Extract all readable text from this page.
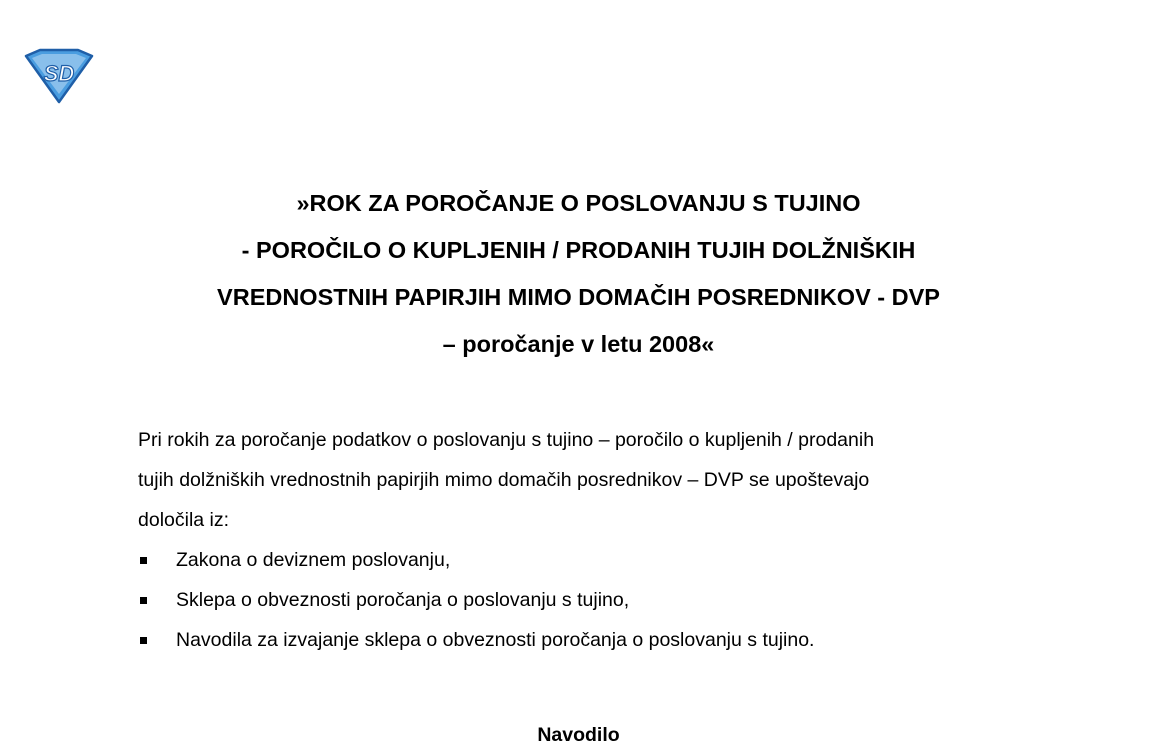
SD
»ROK ZA POROČANJE O POSLOVANJU S TUJINO
- POROČILO O KUPLJENIH / PRODANIH TUJIH DOLŽNIŠKIH
VREDNOSTNIH PAPIRJIH MIMO DOMAČIH POSREDNIKOV - DVP
– poročanje v letu 2008«
Pri rokih za poročanje podatkov o poslovanju s tujino – poročilo o kupljenih / prodanih
tujih dolžniških vrednostnih papirjih mimo domačih posrednikov – DVP se upoštevajo
določila iz:
Zakona o deviznem poslovanju,
Sklepa o obveznosti poročanja o poslovanju s tujino,
Navodila za izvajanje sklepa o obveznosti poročanja o poslovanju s tujino.
Navodilo
